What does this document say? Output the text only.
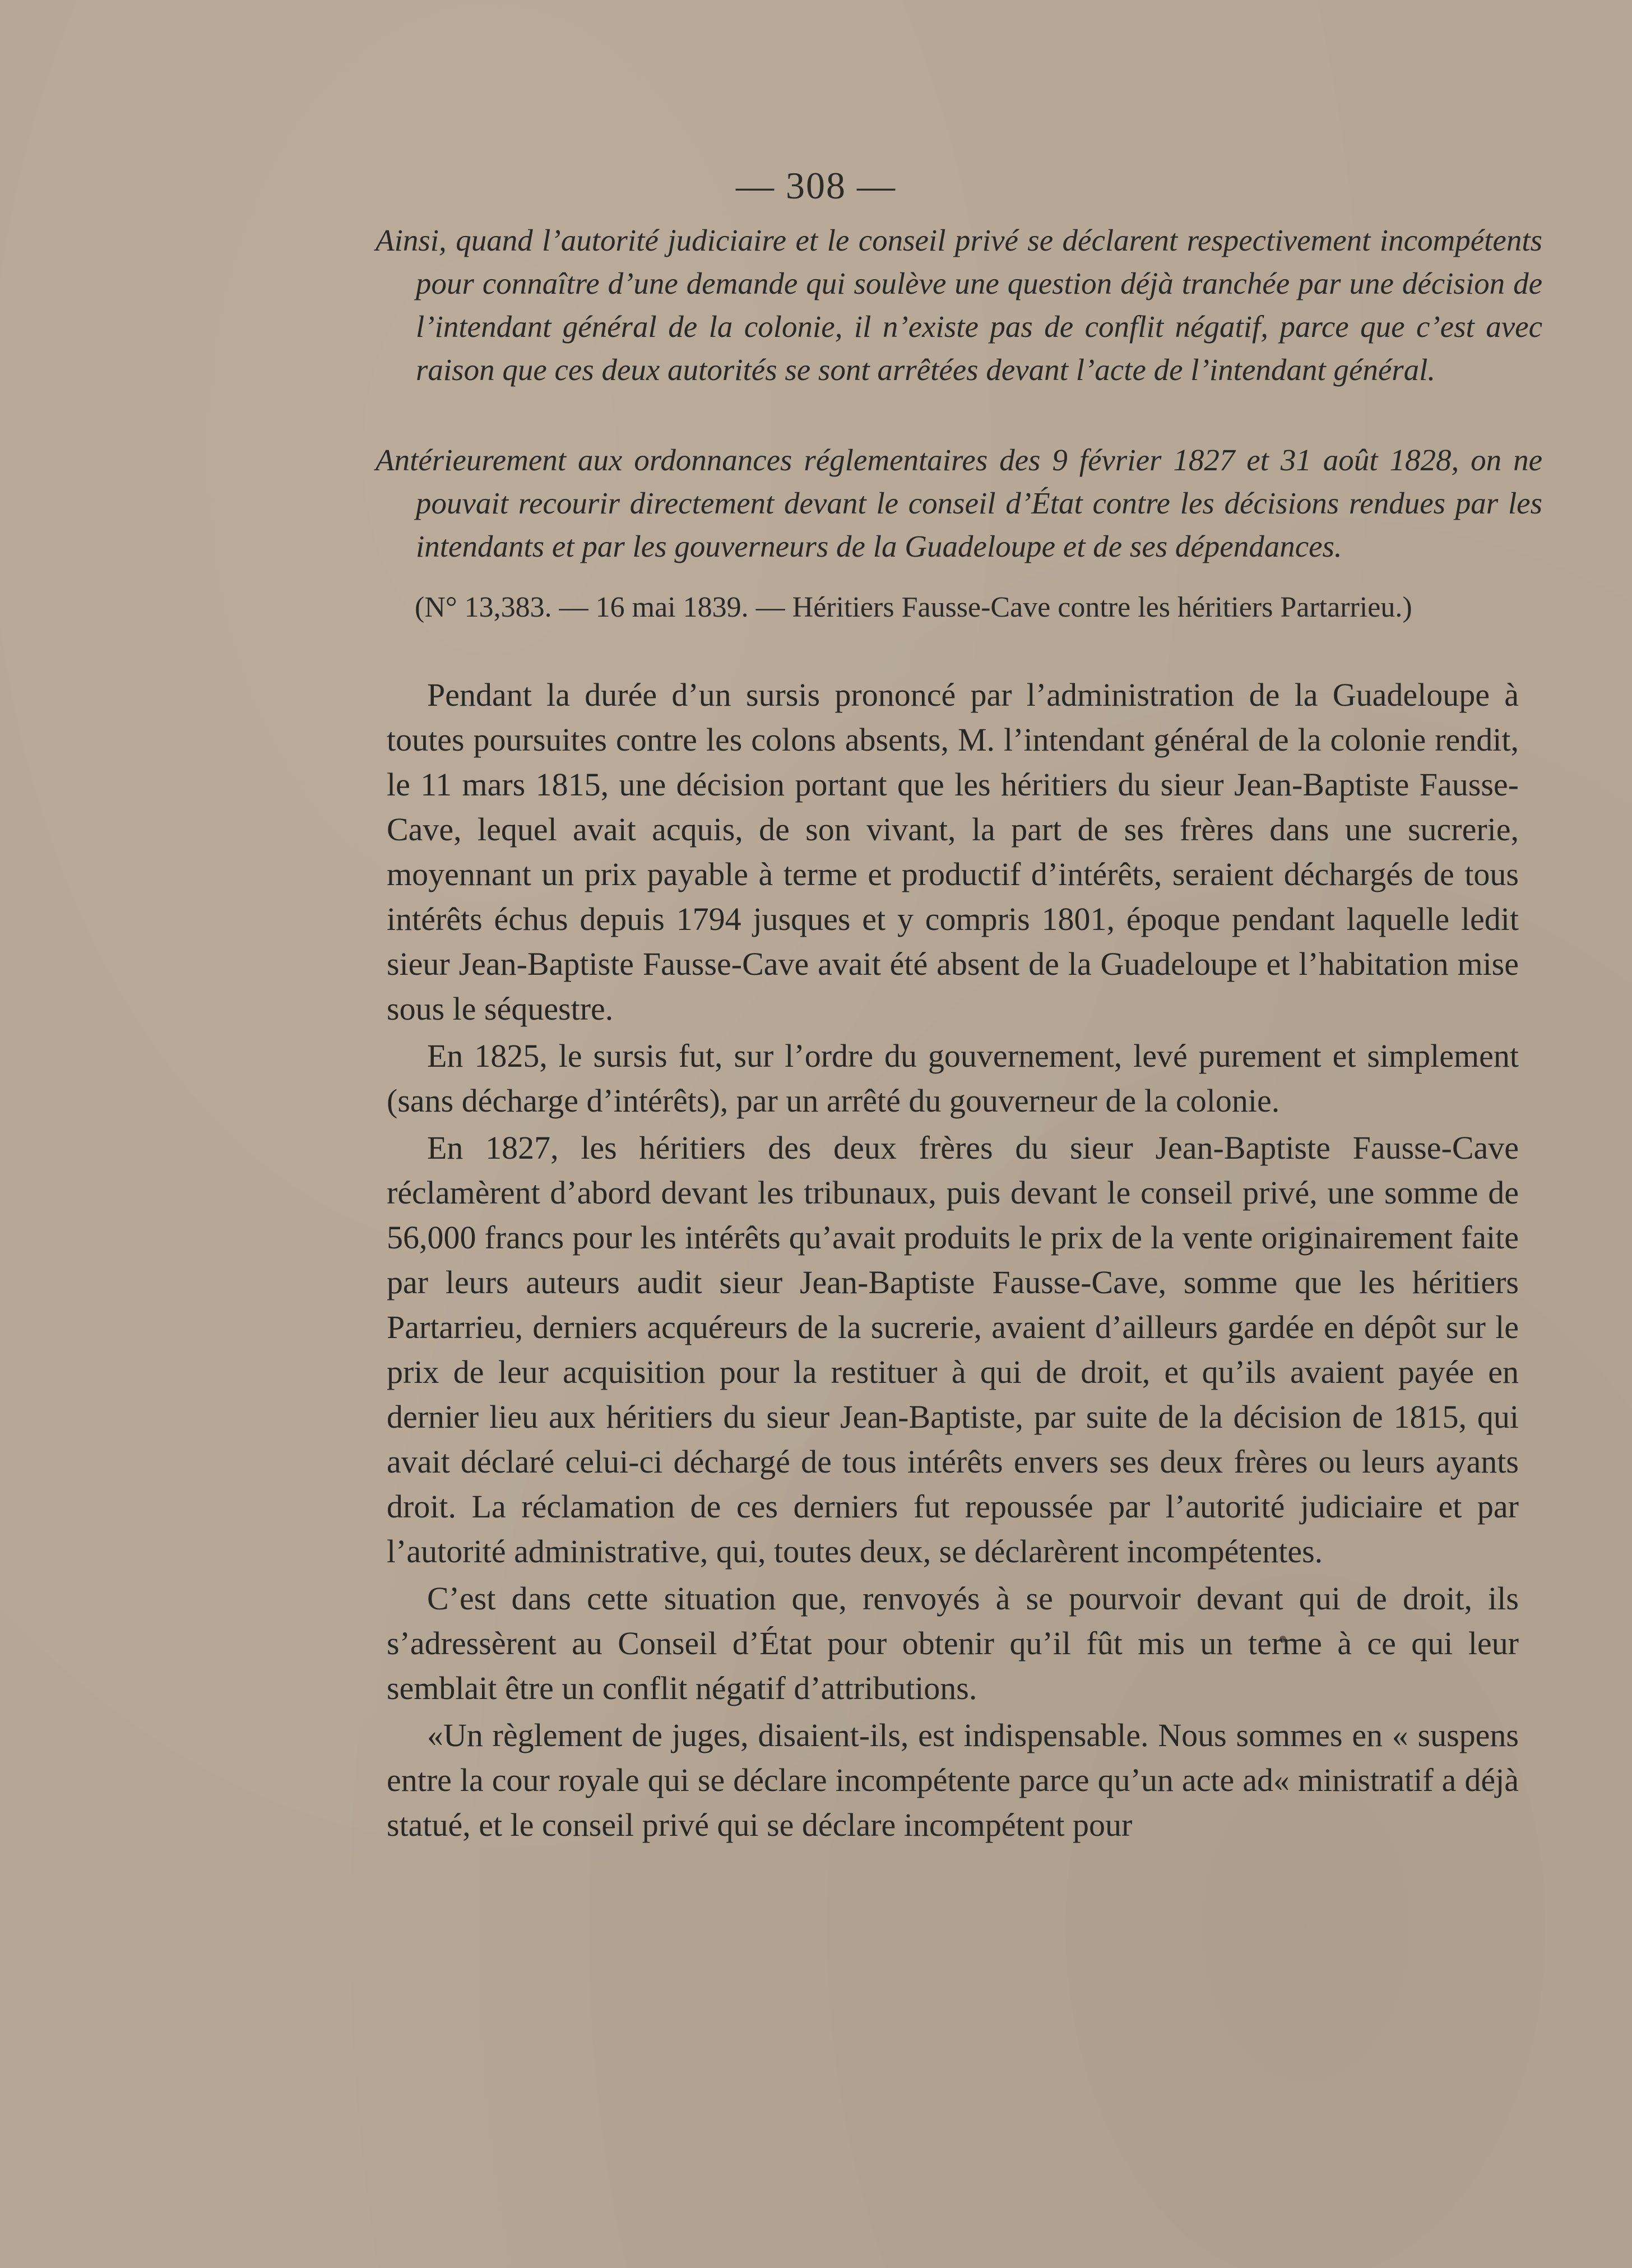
— 308 —
Ainsi, quand l’autorité judiciaire et le conseil privé se déclarent respectivement incompétents pour connaître d’une demande qui soulève une question déjà tranchée par une décision de l’intendant général de la colonie, il n’existe pas de conflit négatif, parce que c’est avec raison que ces deux autorités se sont arrêtées devant l’acte de l’intendant général.
Antérieurement aux ordonnances réglementaires des 9 février 1827 et 31 août 1828, on ne pouvait recourir directement devant le conseil d’État contre les décisions rendues par les intendants et par les gouverneurs de la Guadeloupe et de ses dépendances.
(N° 13,383. — 16 mai 1839. — Héritiers Fausse-Cave contre les héritiers Partarrieu.)

Pendant la durée d’un sursis prononcé par l’administration de la Guadeloupe à toutes poursuites contre les colons absents, M. l’intendant général de la colonie rendit, le 11 mars 1815, une décision portant que les héritiers du sieur Jean-Baptiste Fausse-Cave, lequel avait acquis, de son vivant, la part de ses frères dans une sucrerie, moyennant un prix payable à terme et productif d’intérêts, seraient déchargés de tous intérêts échus depuis 1794 jusques et y compris 1801, époque pendant laquelle ledit sieur Jean-Baptiste Fausse-Cave avait été absent de la Guadeloupe et l’habitation mise sous le séquestre.

En 1825, le sursis fut, sur l’ordre du gouvernement, levé purement et simplement (sans décharge d’intérêts), par un arrêté du gouverneur de la colonie.

En 1827, les héritiers des deux frères du sieur Jean-Baptiste Fausse-Cave réclamèrent d’abord devant les tribunaux, puis devant le conseil privé, une somme de 56,000 francs pour les intérêts qu’avait produits le prix de la vente originairement faite par leurs auteurs audit sieur Jean-Baptiste Fausse-Cave, somme que les héritiers Partarrieu, derniers acquéreurs de la sucrerie, avaient d’ailleurs gardée en dépôt sur le prix de leur acquisition pour la restituer à qui de droit, et qu’ils avaient payée en dernier lieu aux héritiers du sieur Jean-Baptiste, par suite de la décision de 1815, qui avait déclaré celui-ci déchargé de tous intérêts envers ses deux frères ou leurs ayants droit. La réclamation de ces derniers fut repoussée par l’autorité judiciaire et par l’autorité administrative, qui, toutes deux, se déclarèrent incompétentes.

C’est dans cette situation que, renvoyés à se pourvoir devant qui de droit, ils s’adressèrent au Conseil d’État pour obtenir qu’il fût mis un terme à ce qui leur semblait être un conflit négatif d’attributions.

«Un règlement de juges, disaient-ils, est indispensable. Nous sommes en « suspens entre la cour royale qui se déclare incompétente parce qu’un acte ad« ministratif a déjà statué, et le conseil privé qui se déclare incompétent pour
